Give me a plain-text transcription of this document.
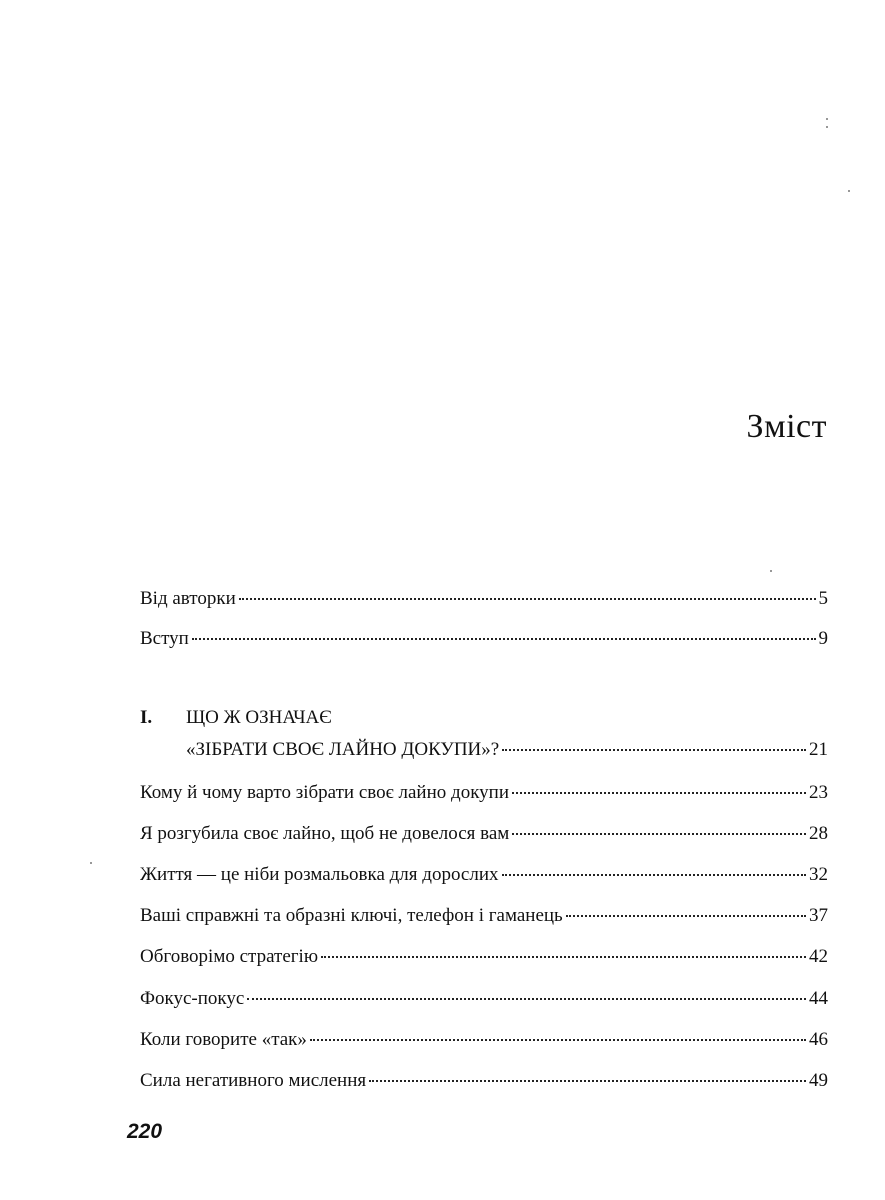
Зміст
Від авторки	5
Вступ	9
I. ЩО Ж ОЗНАЧАЄ
«ЗІБРАТИ СВОЄ ЛАЙНО ДОКУПИ»?	21
Кому й чому варто зібрати своє лайно докупи	23
Я розгубила своє лайно, щоб не довелося вам	28
Життя — це ніби розмальовка для дорослих	32
Ваші справжні та образні ключі, телефон і гаманець	37
Обговорімо стратегію	42
Фокус-покус	44
Коли говорите «так»	46
Сила негативного мислення	49
220
